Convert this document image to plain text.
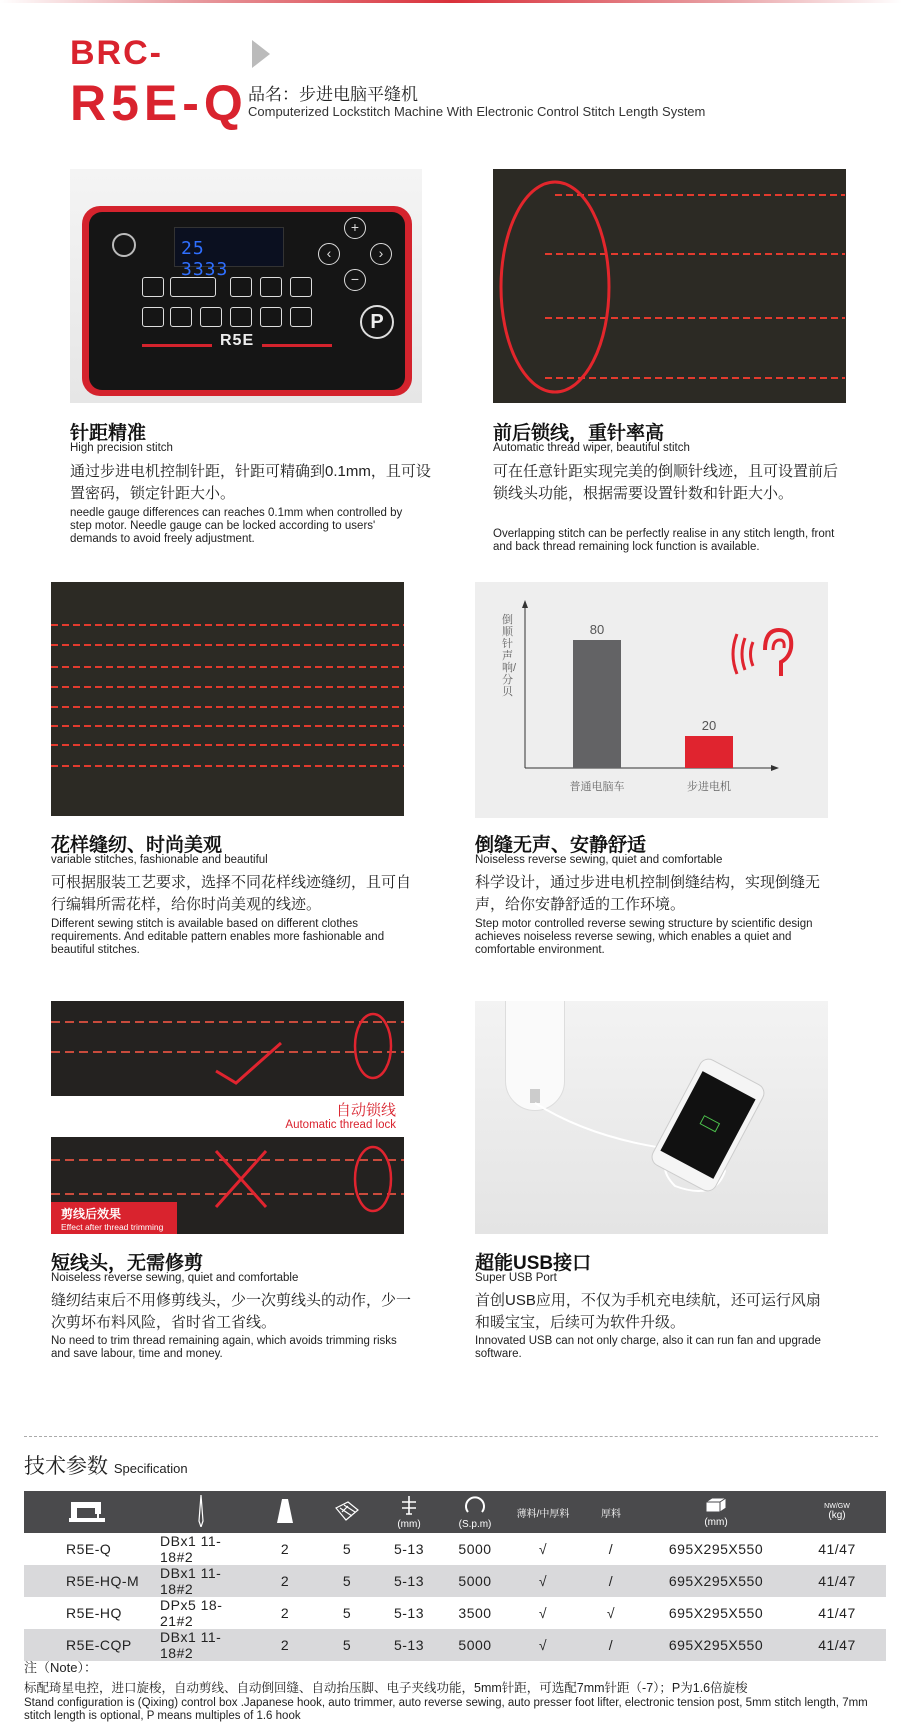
BRC-
R5E-Q 品名：步进电脑平缝机
Computerized Lockstitch Machine With Electronic Control Stitch Length System
25  3333
+
‹	›
−
P
R5E
针距精准
High precision stitch
通过步进电机控制针距，针距可精确到0.1mm，且可设置密码，锁定针距大小。
needle gauge differences can reaches 0.1mm when controlled by step motor. Needle gauge can be locked according to users' demands to avoid freely adjustment.
前后锁线，重针率高
Automatic thread wiper, beautiful stitch
可在任意针距实现完美的倒顺针线迹，且可设置前后锁线头功能，根据需要设置针数和针距大小。
Overlapping stitch can be perfectly realise in any stitch length, front and back thread remaining lock function is available.
80
普通电脑车
20
步进电机
倒顺针声响/分贝
花样缝纫、时尚美观
variable stitches, fashionable and beautiful
可根据服装工艺要求，选择不同花样线迹缝纫，且可自行编辑所需花样，给你时尚美观的线迹。
Different sewing stitch is available based on different clothes requirements. And editable pattern enables more fashionable and beautiful stitches.
倒缝无声、安静舒适
Noiseless reverse sewing, quiet and comfortable
科学设计，通过步进电机控制倒缝结构，实现倒缝无声，给你安静舒适的工作环境。
Step motor controlled reverse sewing structure by scientific design achieves noiseless reverse sewing, which enables a quiet and comfortable environment.
自动锁线
Automatic thread lock
剪线后效果
Effect after thread trimming
短线头，无需修剪
Noiseless reverse sewing, quiet and comfortable
缝纫结束后不用修剪线头，少一次剪线头的动作，少一次剪坏布料风险，省时省工省线。
No need to trim thread remaining again, which avoids trimming risks and save labour, time and money.
超能USB接口
Super USB Port
首创USB应用，不仅为手机充电续航，还可运行风扇和暖宝宝，后续可为软件升级。
Innovated USB can not only charge, also it can run fan and upgrade software.
技术参数 Specification

(mm)	(S.p.m)	薄料/中厚料	厚料	(mm)	NW/GW
(kg)

R5E-Q	DBx1 11-18#2	2	5	5-13	5000	√	/	695X295X550	41/47
R5E-HQ-M	DBx1 11-18#2	2	5	5-13	5000	√	/	695X295X550	41/47
R5E-HQ	DPx5 18-21#2	2	5	5-13	3500	√	√	695X295X550	41/47
R5E-CQP	DBx1 11-18#2	2	5	5-13	5000	√	/	695X295X550	41/47
注（Note）：
标配琦星电控，进口旋梭，自动剪线、自动倒回缝、自动抬压脚、电子夹线功能，5mm针距，可选配7mm针距（-7）；P为1.6倍旋梭
Stand configuration is (Qixing) control box .Japanese hook, auto trimmer, auto reverse sewing, auto presser foot lifter, electronic tension post, 5mm stitch length, 7mm stitch length is optional, P means multiples of 1.6 hook
